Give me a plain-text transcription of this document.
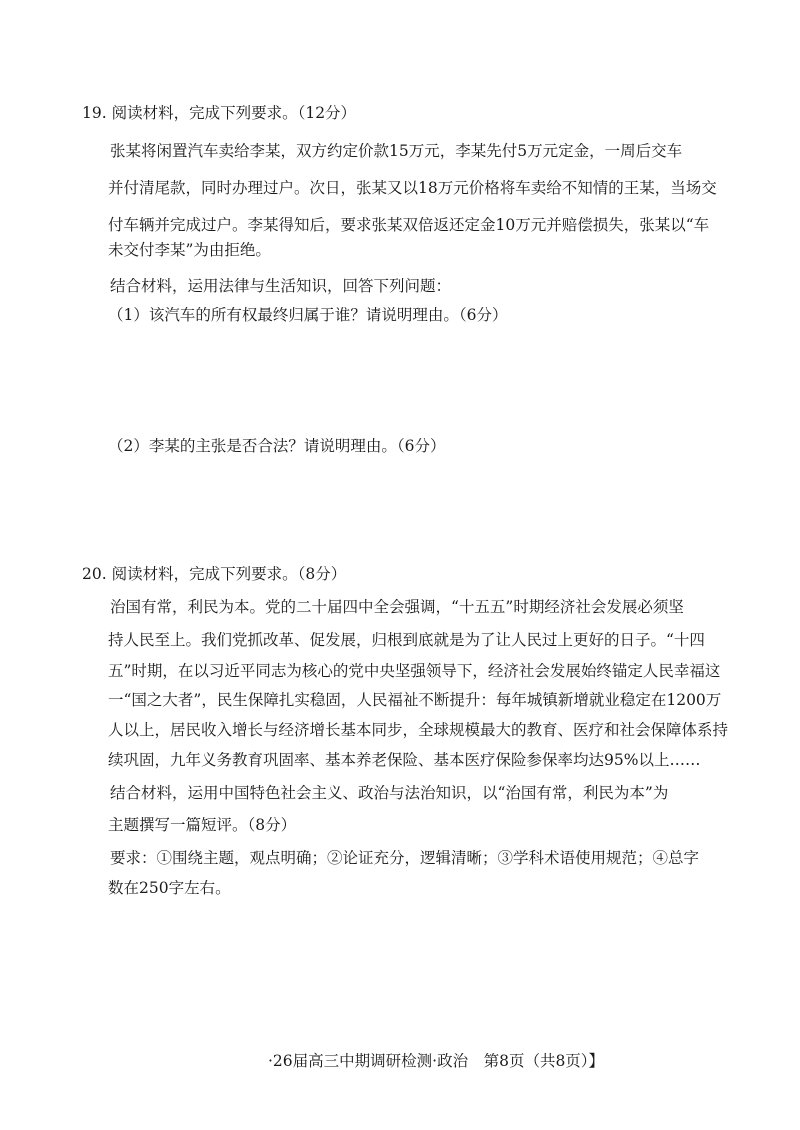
19. 阅读材料，完成下列要求。（12分）
张某将闲置汽车卖给李某，双方约定价款15万元，李某先付5万元定金，一周后交车
并付清尾款，同时办理过户。次日，张某又以18万元价格将车卖给不知情的王某，当场交
付车辆并完成过户。李某得知后，要求张某双倍返还定金10万元并赔偿损失，张某以“车
未交付李某”为由拒绝。
结合材料，运用法律与生活知识，回答下列问题：
（1）该汽车的所有权最终归属于谁？请说明理由。（6分）
（2）李某的主张是否合法？请说明理由。（6分）
20. 阅读材料，完成下列要求。（8分）
治国有常，利民为本。党的二十届四中全会强调，“十五五”时期经济社会发展必须坚
持人民至上。我们党抓改革、促发展，归根到底就是为了让人民过上更好的日子。“十四
五”时期，在以习近平同志为核心的党中央坚强领导下，经济社会发展始终锚定人民幸福这
一“国之大者”，民生保障扎实稳固，人民福祉不断提升：每年城镇新增就业稳定在1200万
人以上，居民收入增长与经济增长基本同步，全球规模最大的教育、医疗和社会保障体系持
续巩固，九年义务教育巩固率、基本养老保险、基本医疗保险参保率均达95%以上……
结合材料，运用中国特色社会主义、政治与法治知识，以“治国有常，利民为本”为
主题撰写一篇短评。（8分）
要求：①围绕主题，观点明确；②论证充分，逻辑清晰；③学科术语使用规范；④总字
数在250字左右。
·26届高三中期调研检测·政治　第8页（共8页）】
